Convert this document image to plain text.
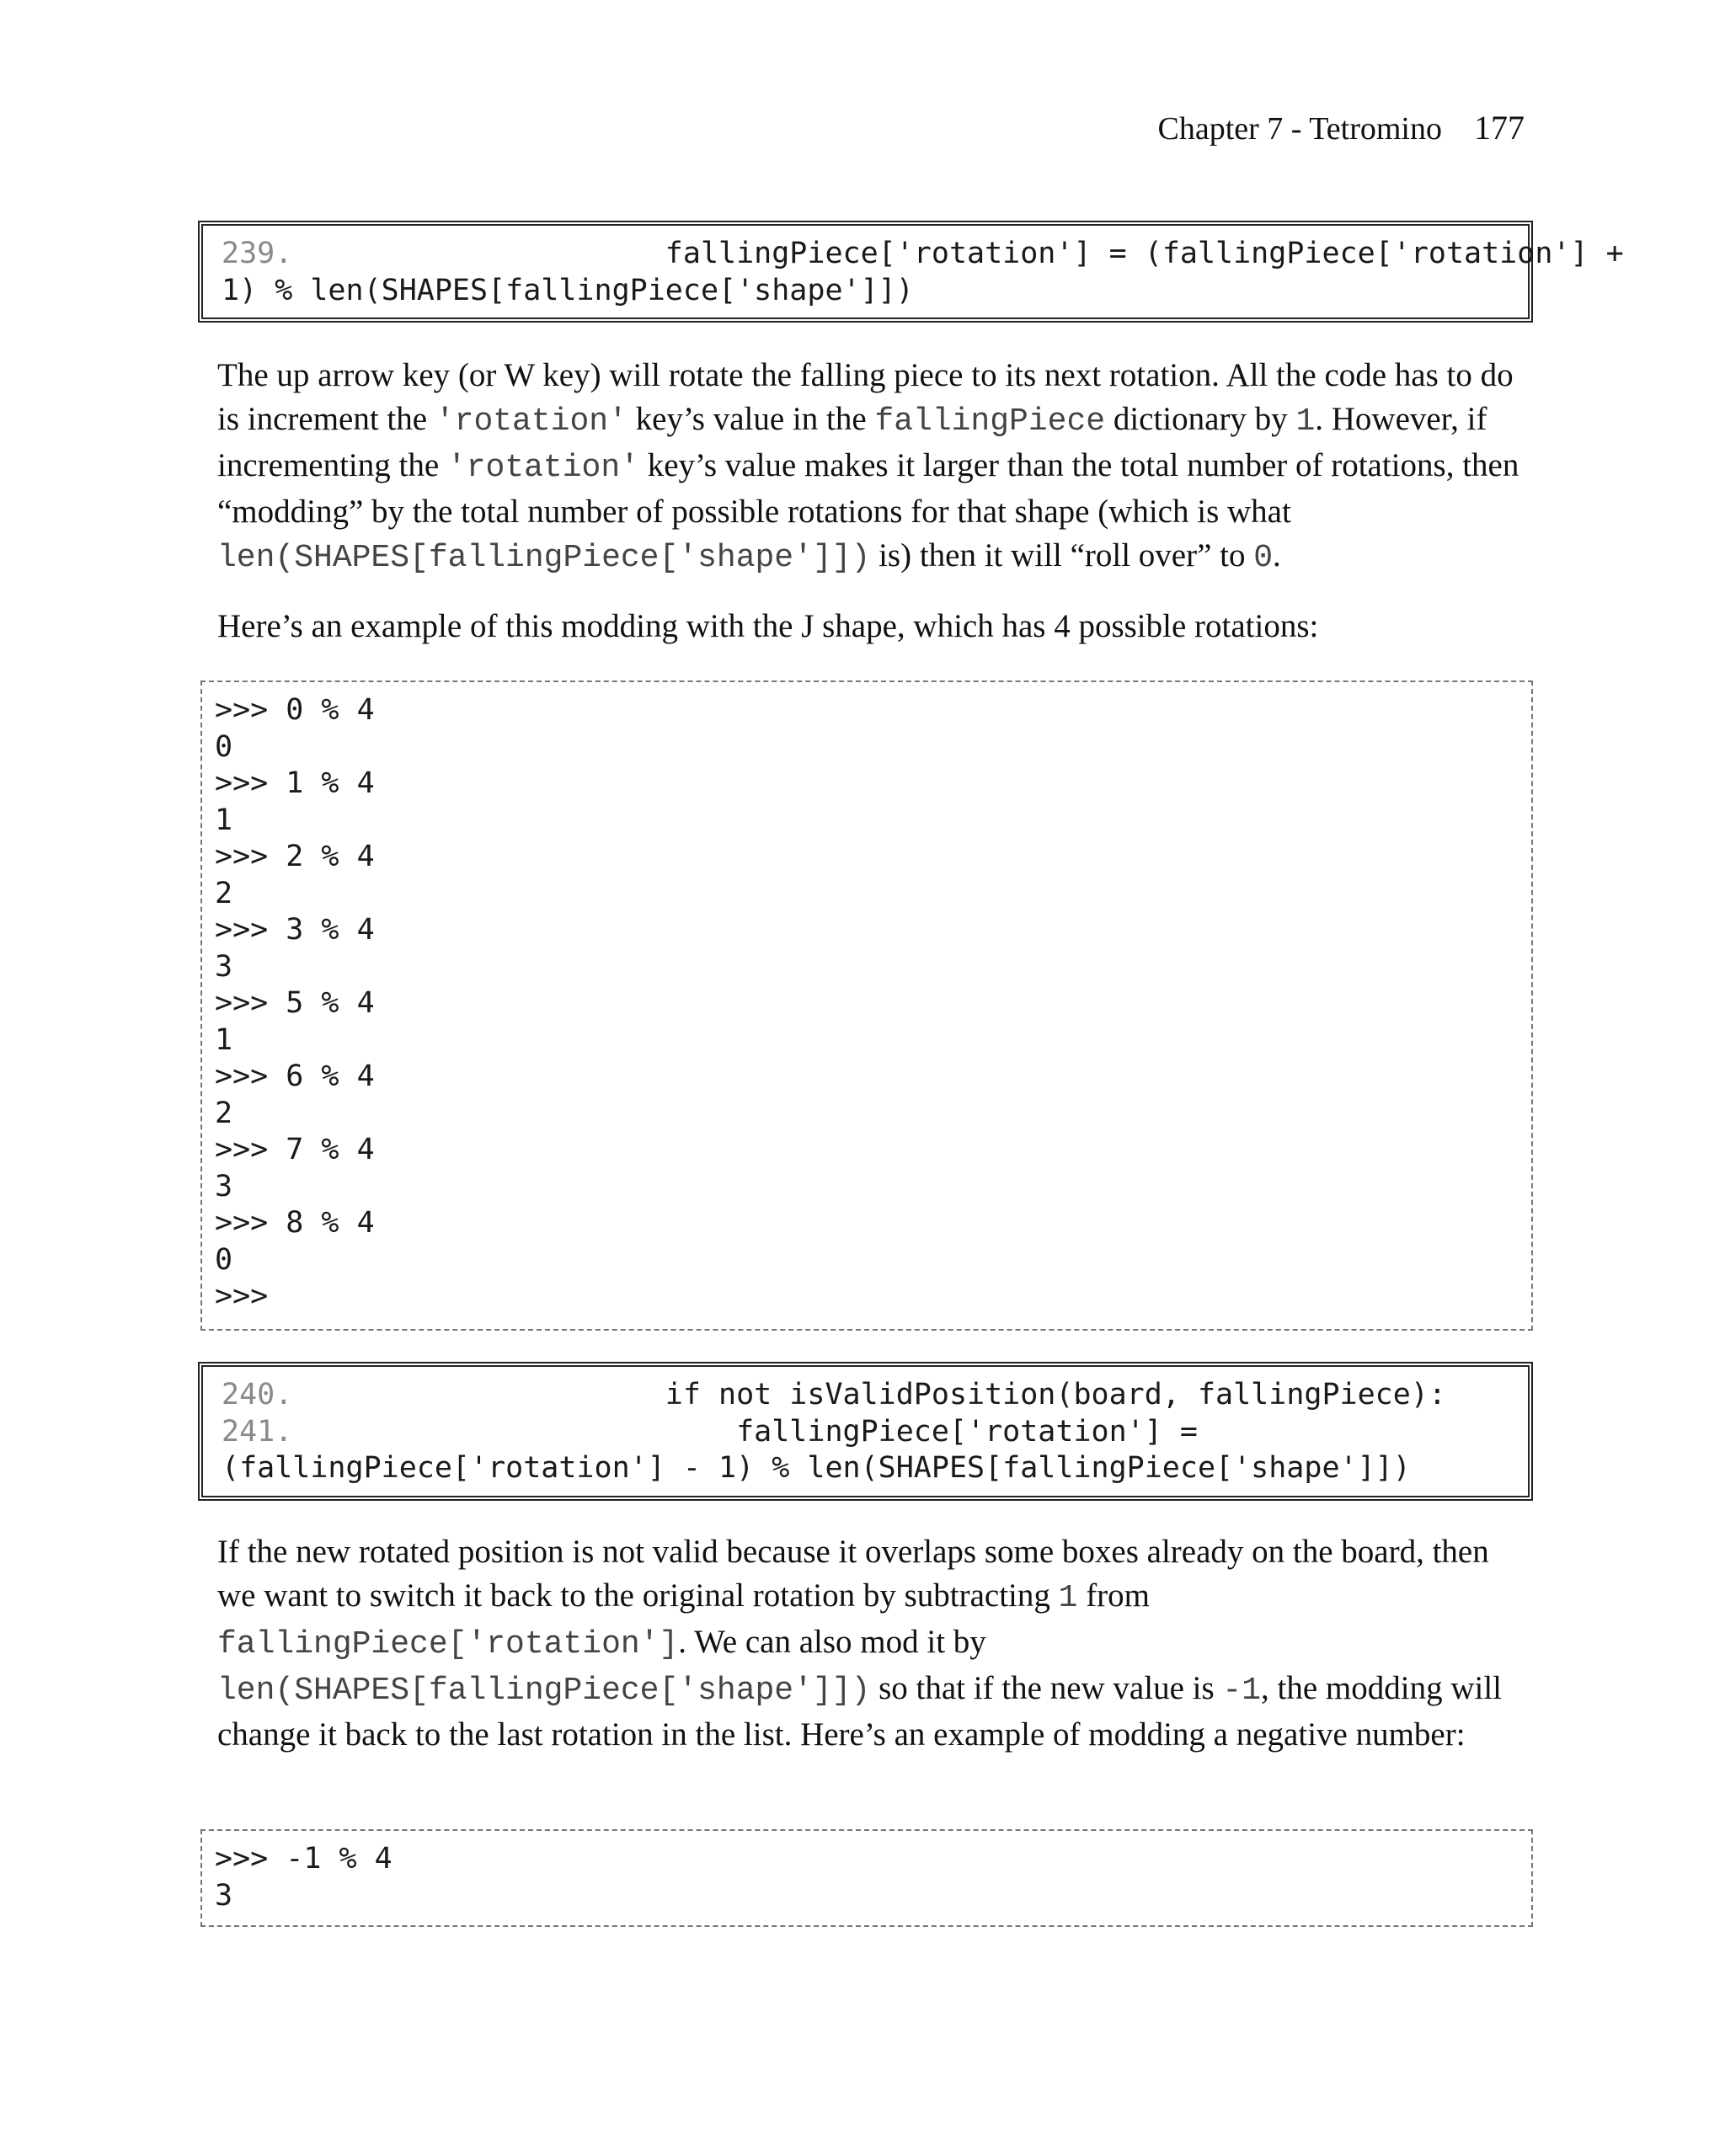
Chapter 7 - Tetromino 177
239.                     fallingPiece['rotation'] = (fallingPiece['rotation'] +
1) % len(SHAPES[fallingPiece['shape']])
The up arrow key (or W key) will rotate the falling piece to its next rotation. All the code has to do is increment the 'rotation' key’s value in the fallingPiece dictionary by 1. However, if incrementing the 'rotation' key’s value makes it larger than the total number of rotations, then “modding” by the total number of possible rotations for that shape (which is what len(SHAPES[fallingPiece['shape']]) is) then it will “roll over” to 0.
Here’s an example of this modding with the J shape, which has 4 possible rotations:
>>> 0 % 4
0
>>> 1 % 4
1
>>> 2 % 4
2
>>> 3 % 4
3
>>> 5 % 4
1
>>> 6 % 4
2
>>> 7 % 4
3
>>> 8 % 4
0
>>>
240.                     if not isValidPosition(board, fallingPiece):
241.                         fallingPiece['rotation'] =
(fallingPiece['rotation'] - 1) % len(SHAPES[fallingPiece['shape']])
If the new rotated position is not valid because it overlaps some boxes already on the board, then we want to switch it back to the original rotation by subtracting 1 from fallingPiece['rotation']. We can also mod it by len(SHAPES[fallingPiece['shape']]) so that if the new value is -1, the modding will change it back to the last rotation in the list. Here’s an example of modding a negative number:
>>> -1 % 4
3
